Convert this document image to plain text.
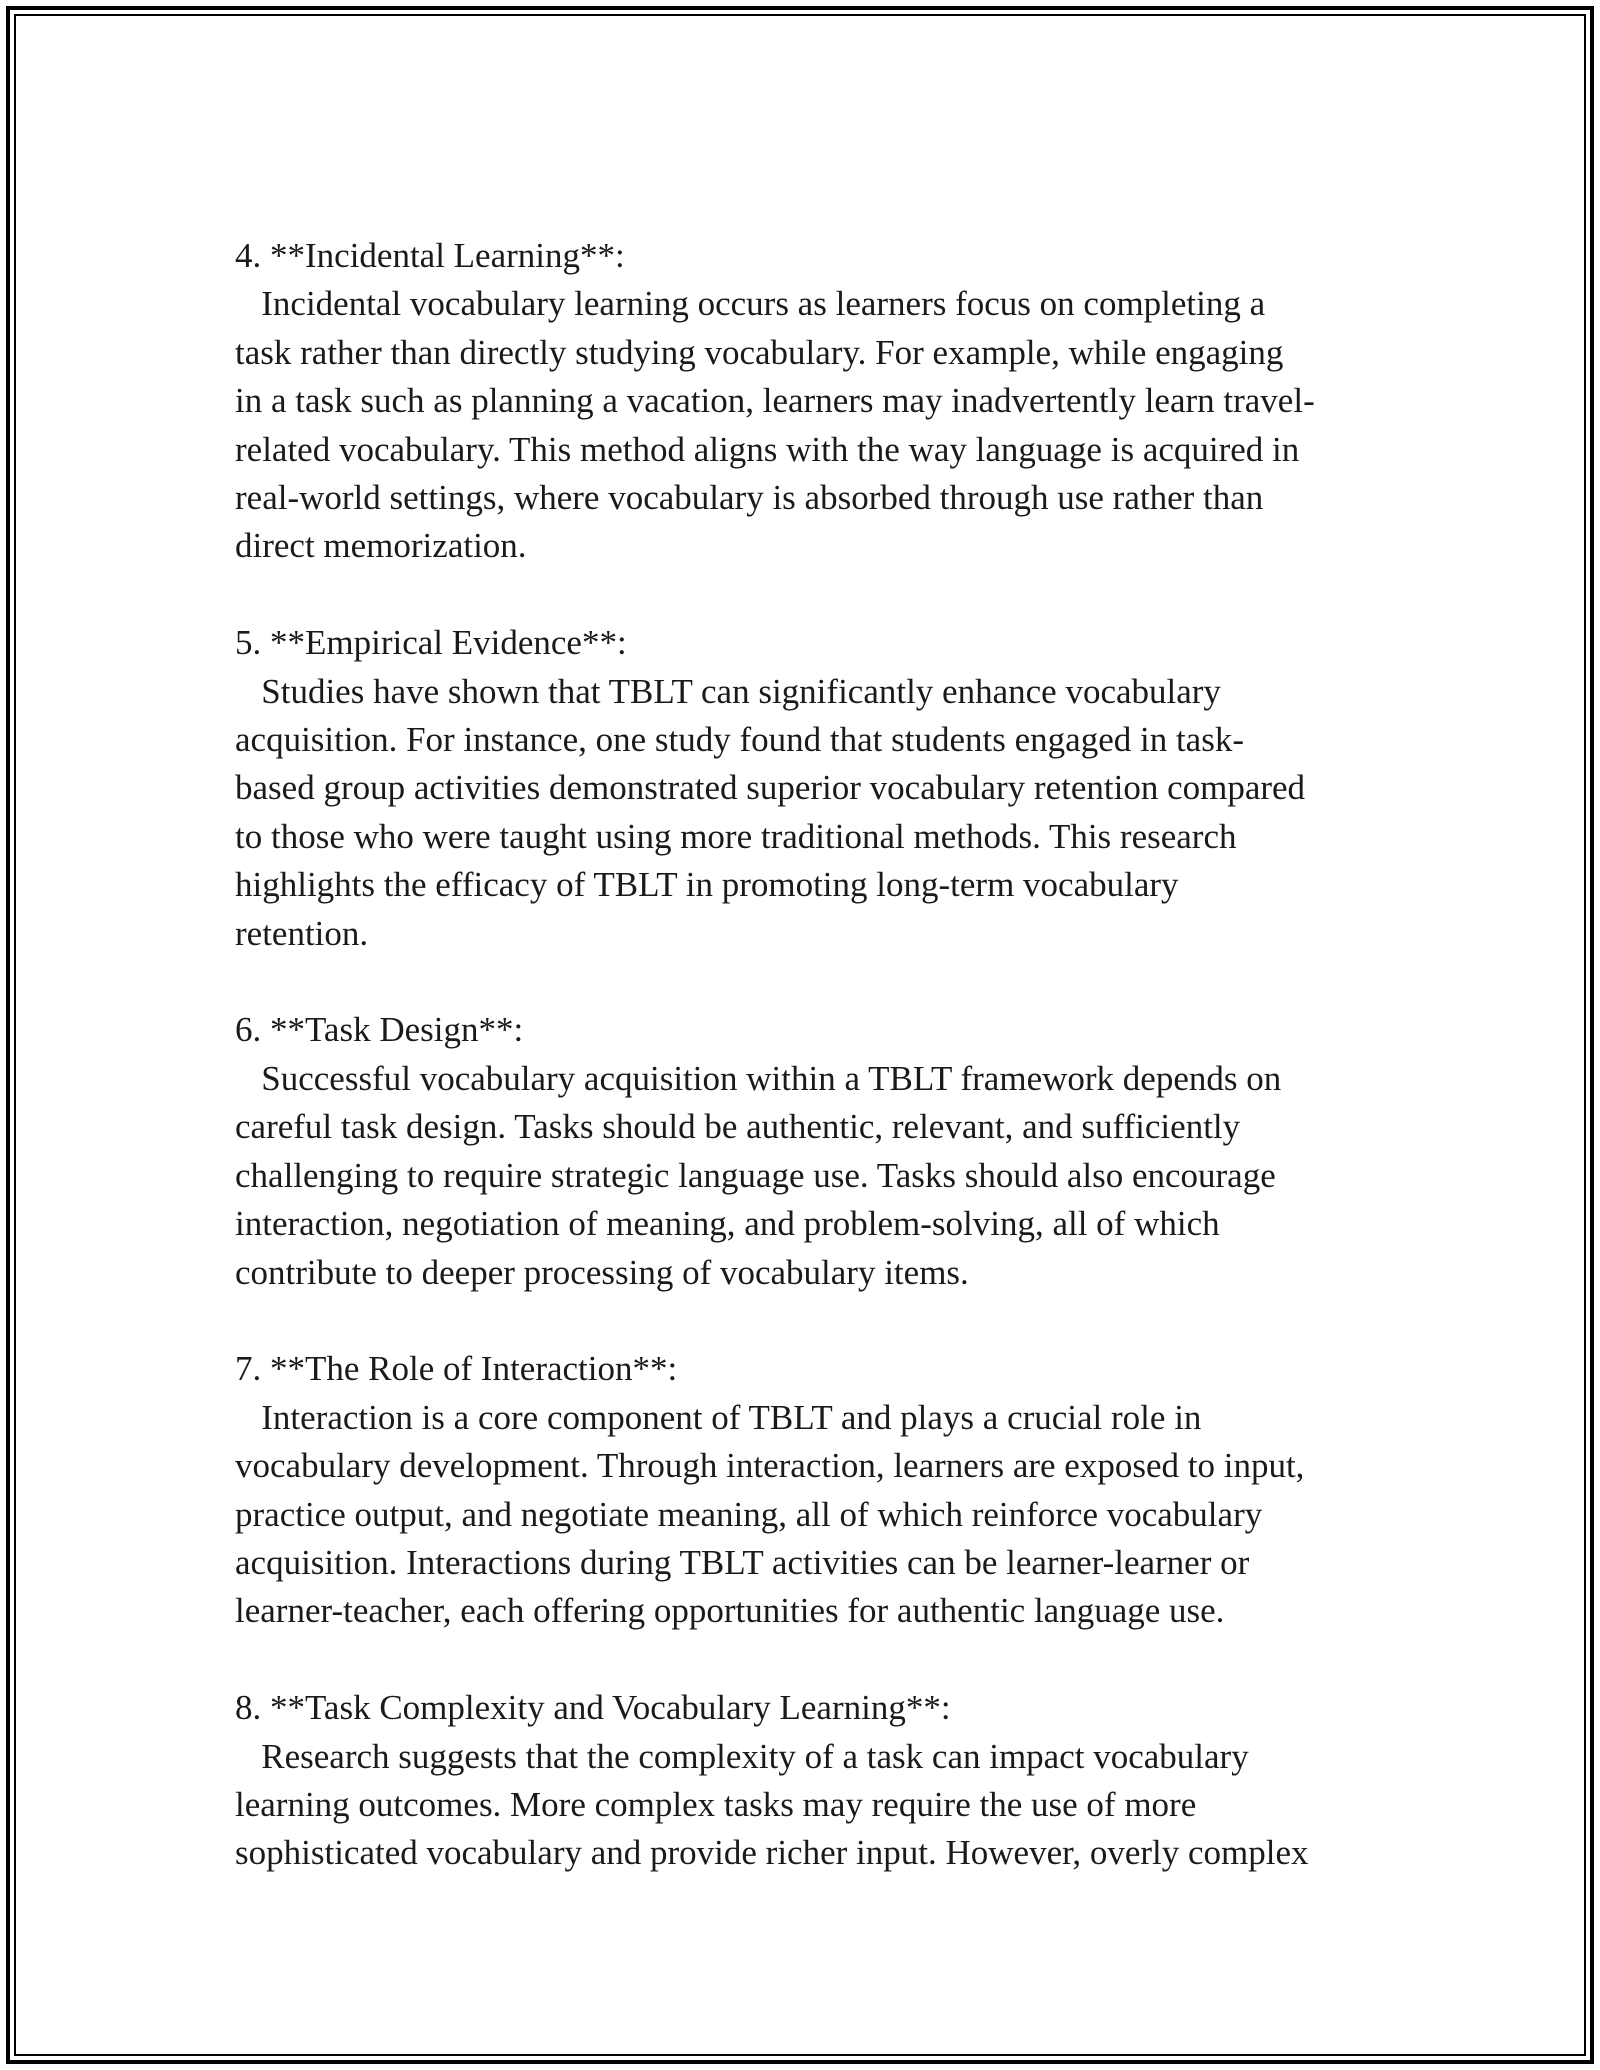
4. **Incidental Learning**:
Incidental vocabulary learning occurs as learners focus on completing a
task rather than directly studying vocabulary. For example, while engaging
in a task such as planning a vacation, learners may inadvertently learn travel-
related vocabulary. This method aligns with the way language is acquired in
real-world settings, where vocabulary is absorbed through use rather than
direct memorization.
5. **Empirical Evidence**:
Studies have shown that TBLT can significantly enhance vocabulary
acquisition. For instance, one study found that students engaged in task-
based group activities demonstrated superior vocabulary retention compared
to those who were taught using more traditional methods. This research
highlights the efficacy of TBLT in promoting long-term vocabulary
retention.
6. **Task Design**:
Successful vocabulary acquisition within a TBLT framework depends on
careful task design. Tasks should be authentic, relevant, and sufficiently
challenging to require strategic language use. Tasks should also encourage
interaction, negotiation of meaning, and problem-solving, all of which
contribute to deeper processing of vocabulary items.
7. **The Role of Interaction**:
Interaction is a core component of TBLT and plays a crucial role in
vocabulary development. Through interaction, learners are exposed to input,
practice output, and negotiate meaning, all of which reinforce vocabulary
acquisition. Interactions during TBLT activities can be learner-learner or
learner-teacher, each offering opportunities for authentic language use.
8. **Task Complexity and Vocabulary Learning**:
Research suggests that the complexity of a task can impact vocabulary
learning outcomes. More complex tasks may require the use of more
sophisticated vocabulary and provide richer input. However, overly complex
